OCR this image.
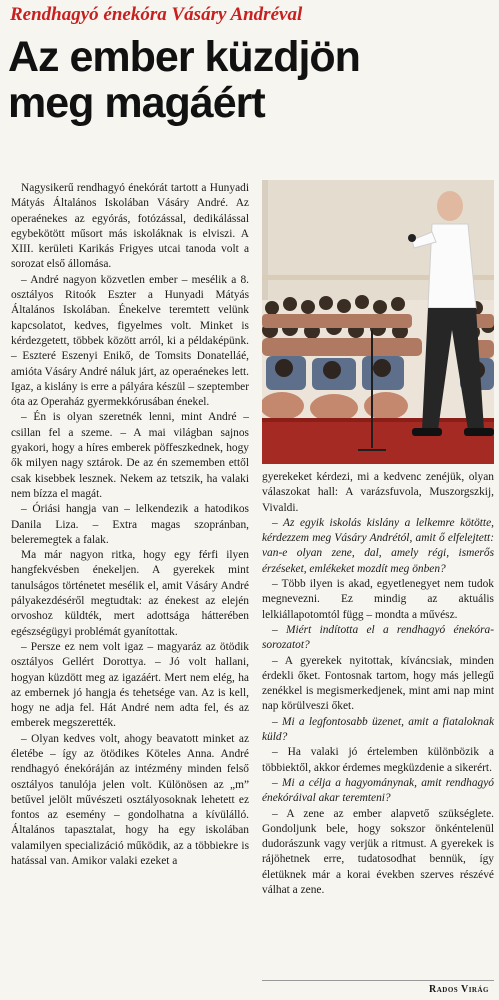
Rendhagyó énekóra Vásáry Andréval
Az ember küzdjön
meg magáért

Nagysikerű rendhagyó énekórát tartott a Hunyadi Mátyás Általános Iskolában Vásáry André. Az operaénekes az egyórás, fotózással, dedikálással egybekötött műsort más iskoláknak is elviszi. A XIII. kerületi Karikás Frigyes utcai tanoda volt a sorozat első állomása.

– André nagyon közvetlen ember – mesélik a 8. osztályos Ritoók Eszter a Hunyadi Mátyás Általános Iskolában. Énekelve teremtett velünk kapcsolatot, kedves, figyelmes volt. Minket is kérdezgetett, többek között arról, ki a példaképünk. – Eszteré Eszenyi Enikő, de Tomsits Donatelláé, amióta Vásáry André náluk járt, az operaénekes lett. Igaz, a kislány is erre a pályára készül – szeptember óta az Operaház gyermekkórusában énekel.

– Én is olyan szeretnék lenni, mint André – csillan fel a szeme. – A mai világban sajnos gyakori, hogy a híres emberek pöffeszkednek, hogy ők milyen nagy sztárok. De az én szememben ettől csak kisebbek lesznek. Nekem az tetszik, ha valaki nem bízza el magát.

– Óriási hangja van – lelkendezik a hatodikos Danila Liza. – Extra magas szopránban, beleremegtek a falak.

Ma már nagyon ritka, hogy egy férfi ilyen hangfekvésben énekeljen. A gyerekek mint tanulságos történetet mesélik el, amit Vásáry André pályakezdéséről megtudtak: az énekest az elején orvoshoz küldték, mert adottsága hátterében egészségügyi problémát gyanítottak.

– Persze ez nem volt igaz – magyaráz az ötödik osztályos Gellért Dorottya. – Jó volt hallani, hogyan küzdött meg az igazáért. Mert nem elég, ha az embernek jó hangja és tehetsége van. Az is kell, hogy ne adja fel. Hát André nem adta fel, és az emberek megszerették.

– Olyan kedves volt, ahogy beavatott minket az életébe – így az ötödikes Köteles Anna. André rendhagyó énekóráján az intézmény minden felső osztályos tanulója jelen volt. Különösen az „m” betűvel jelölt művészeti osztályosoknak lehetett ez fontos az esemény – gondolhatna a kívülálló. Általános tapasztalat, hogy ha egy iskolában valamilyen specializáció működik, az a többiekre is hatással van. Amikor valaki ezeket a

gyerekeket kérdezi, mi a kedvenc zenéjük, olyan válaszokat hall: A varázsfuvola, Muszorgszkij, Vivaldi.

– Az egyik iskolás kislány a lelkemre kötötte, kérdezzem meg Vásáry Andrétól, amit ő elfelejtett: van-e olyan zene, dal, amely régi, ismerős érzéseket, emlékeket mozdít meg önben?

– Több ilyen is akad, egyetlenegyet nem tudok megnevezni. Ez mindig az aktuális lelkiállapotomtól függ – mondta a művész.

– Miért indította el a rendhagyó énekóra-sorozatot?

– A gyerekek nyitottak, kíváncsiak, minden érdekli őket. Fontosnak tartom, hogy más jellegű zenékkel is megismerkedjenek, mint ami nap mint nap körülveszi őket.

– Mi a legfontosabb üzenet, amit a fiataloknak küld?

– Ha valaki jó értelemben különbözik a többiektől, akkor érdemes megküzdenie a sikerért.

– Mi a célja a hagyománynak, amit rendhagyó énekóráival akar teremteni?

– A zene az ember alapvető szükséglete. Gondoljunk bele, hogy sokszor önkéntelenül dudorászunk vagy verjük a ritmust. A gyerekek is rájöhetnek erre, tudatosodhat bennük, így életüknek már a korai években szerves részévé válhat a zene.

Rados Virág
